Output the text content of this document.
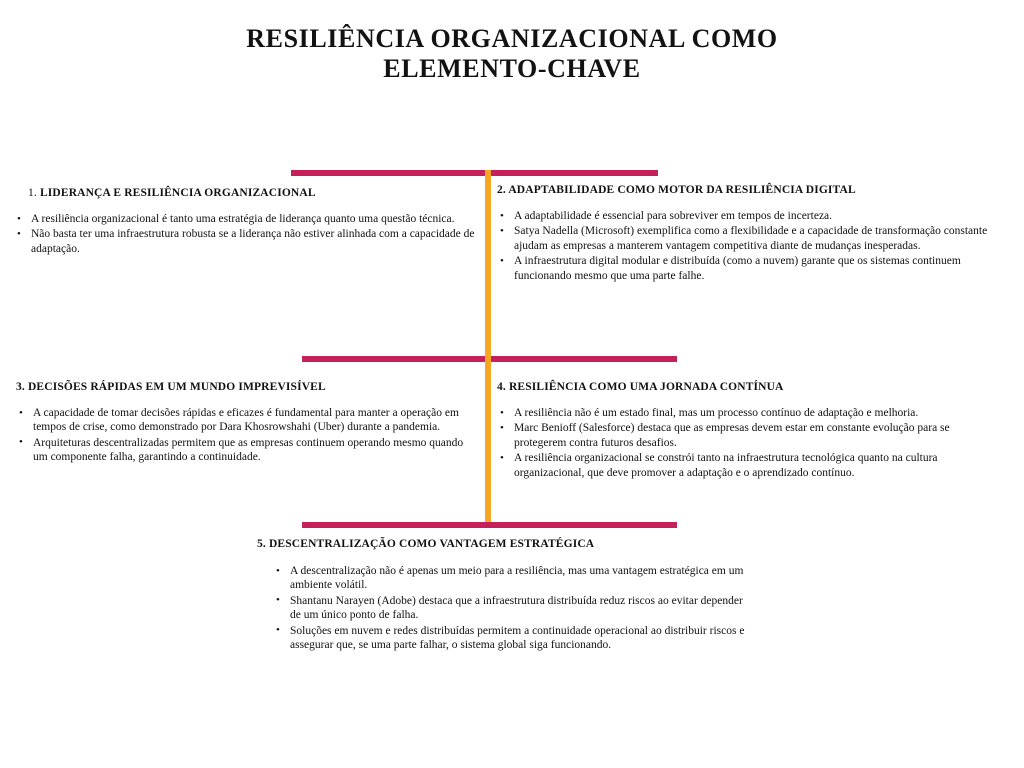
RESILIÊNCIA ORGANIZACIONAL COMO
ELEMENTO-CHAVE
1. LIDERANÇA E RESILIÊNCIA ORGANIZACIONAL
• A resiliência organizacional é tanto uma estratégia de liderança quanto uma questão técnica.
• Não basta ter uma infraestrutura robusta se a liderança não estiver alinhada com a capacidade de adaptação.
2. ADAPTABILIDADE COMO MOTOR DA RESILIÊNCIA DIGITAL
• A adaptabilidade é essencial para sobreviver em tempos de incerteza.
• Satya Nadella (Microsoft) exemplifica como a flexibilidade e a capacidade de transformação constante ajudam as empresas a manterem vantagem competitiva diante de mudanças inesperadas.
• A infraestrutura digital modular e distribuída (como a nuvem) garante que os sistemas continuem funcionando mesmo que uma parte falhe.
3. DECISÕES RÁPIDAS EM UM MUNDO IMPREVISÍVEL
• A capacidade de tomar decisões rápidas e eficazes é fundamental para manter a operação em tempos de crise, como demonstrado por Dara Khosrowshahi (Uber) durante a pandemia.
• Arquiteturas descentralizadas permitem que as empresas continuem operando mesmo quando um componente falha, garantindo a continuidade.
4. RESILIÊNCIA COMO UMA JORNADA CONTÍNUA
• A resiliência não é um estado final, mas um processo contínuo de adaptação e melhoria.
• Marc Benioff (Salesforce) destaca que as empresas devem estar em constante evolução para se protegerem contra futuros desafios.
• A resiliência organizacional se constrói tanto na infraestrutura tecnológica quanto na cultura organizacional, que deve promover a adaptação e o aprendizado contínuo.
5. DESCENTRALIZAÇÃO COMO VANTAGEM ESTRATÉGICA
• A descentralização não é apenas um meio para a resiliência, mas uma vantagem estratégica em um ambiente volátil.
• Shantanu Narayen (Adobe) destaca que a infraestrutura distribuída reduz riscos ao evitar depender de um único ponto de falha.
• Soluções em nuvem e redes distribuídas permitem a continuidade operacional ao distribuir riscos e assegurar que, se uma parte falhar, o sistema global siga funcionando.
